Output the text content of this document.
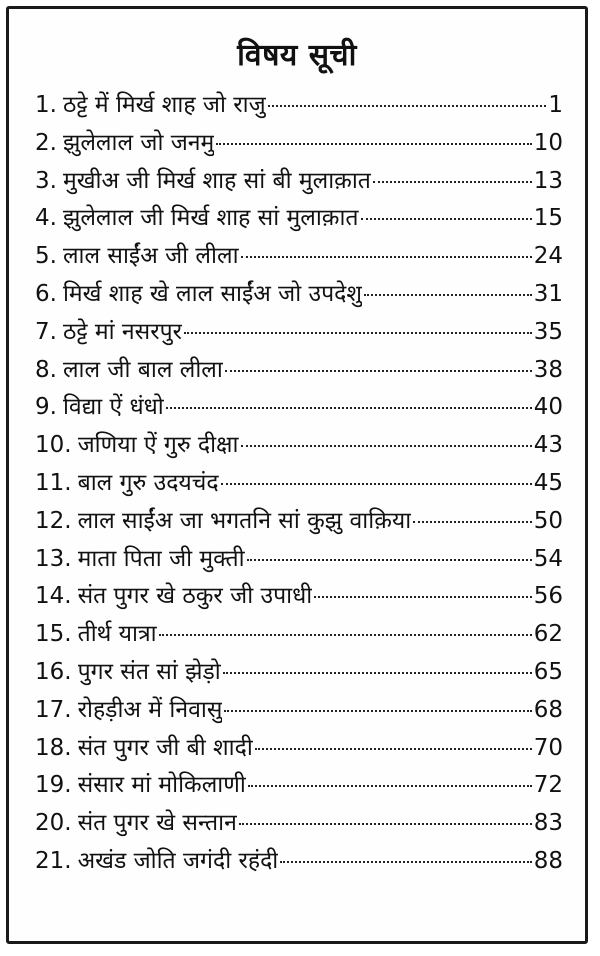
विषय सूची
1. ठट्टे में मिर्ख शाह जो राजु	1
2. झुलेलाल जो जनमु	10
3. मुखीअ जी मिर्ख शाह सां बी मुलाक़ात	13
4. झुलेलाल जी मिर्ख शाह सां मुलाक़ात	15
5. लाल साईंअ जी लीला	24
6. मिर्ख शाह खे लाल साईंअ जो उपदेशु	31
7. ठट्टे मां नसरपुर	35
8. लाल जी बाल लीला	38
9. विद्या ऐं धंधो	40
10. जणिया ऐं गुरु दीक्षा	43
11. बाल गुरु उदयचंद	45
12. लाल साईंअ जा भगतनि सां कुझु वाक़िया	50
13. माता पिता जी मुक्ती	54
14. संत पुगर खे ठकुर जी उपाधी	56
15. तीर्थ यात्रा	62
16. पुगर संत सां झेड़ो	65
17. रोहड़ीअ में निवासु	68
18. संत पुगर जी बी शादी	70
19. संसार मां मोकिलाणी	72
20. संत पुगर खे सन्तान	83
21. अखंड जोति जगंदी रहंदी	88
